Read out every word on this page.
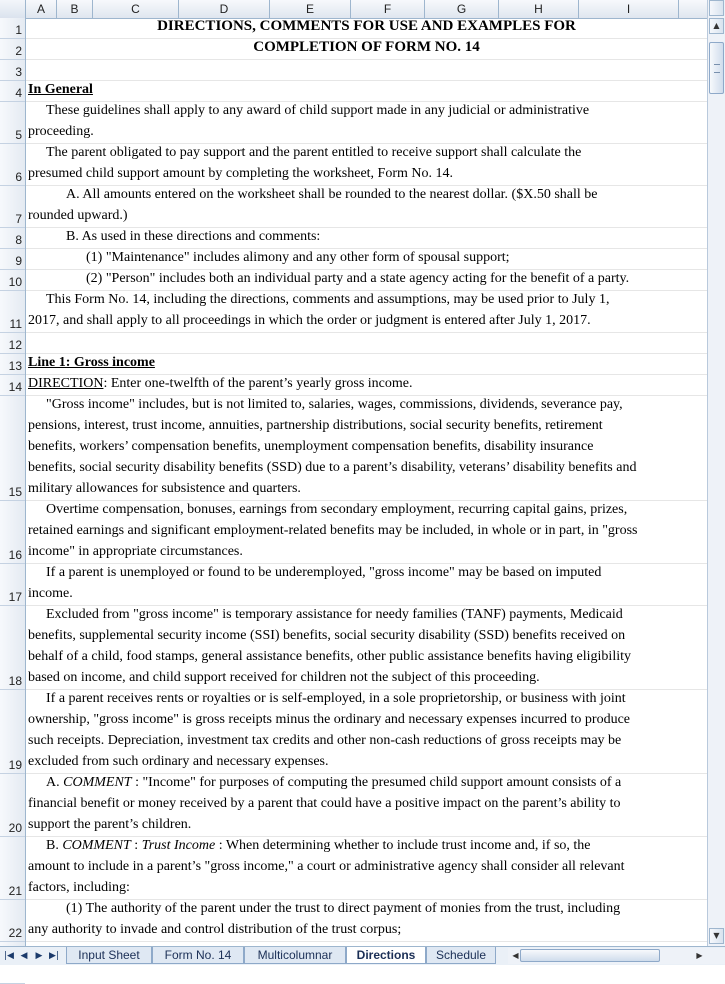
A	B	C	D	E	F	G	H	I
1
2
3
4
5
6
7
8
9
10
11
12
13
14
15
16
17
18
19
20
21
22
DIRECTIONS, COMMENTS FOR USE AND EXAMPLES FOR
COMPLETION OF FORM NO. 14
In General
These guidelines shall apply to any award of child support made in any judicial or administrative
proceeding.
The parent obligated to pay support and the parent entitled to receive support shall calculate the
presumed child support amount by completing the worksheet, Form No. 14.
A. All amounts entered on the worksheet shall be rounded to the nearest dollar. ($X.50 shall be
rounded upward.)
B. As used in these directions and comments:
(1) "Maintenance" includes alimony and any other form of spousal support;
(2) "Person" includes both an individual party and a state agency acting for the benefit of a party.
This Form No. 14, including the directions, comments and assumptions, may be used prior to July 1,
2017, and shall apply to all proceedings in which the order or judgment is entered after July 1, 2017.
Line 1: Gross income
DIRECTION: Enter one-twelfth of the parent’s yearly gross income.
"Gross income" includes, but is not limited to, salaries, wages, commissions, dividends, severance pay,
pensions, interest, trust income, annuities, partnership distributions, social security benefits, retirement
benefits, workers’ compensation benefits, unemployment compensation benefits, disability insurance
benefits, social security disability benefits (SSD) due to a parent’s disability, veterans’ disability benefits and
military allowances for subsistence and quarters.
Overtime compensation, bonuses, earnings from secondary employment, recurring capital gains, prizes,
retained earnings and significant employment-related benefits may be included, in whole or in part, in "gross
income" in appropriate circumstances.
If a parent is unemployed or found to be underemployed, "gross income" may be based on imputed
income.
Excluded from "gross income" is temporary assistance for needy families (TANF) payments, Medicaid
benefits, supplemental security income (SSI) benefits, social security disability (SSD) benefits received on
behalf of a child, food stamps, general assistance benefits, other public assistance benefits having eligibility
based on income, and child support received for children not the subject of this proceeding.
If a parent receives rents or royalties or is self-employed, in a sole proprietorship, or business with joint
ownership, "gross income" is gross receipts minus the ordinary and necessary expenses incurred to produce
such receipts. Depreciation, investment tax credits and other non-cash reductions of gross receipts may be
excluded from such ordinary and necessary expenses.
A. COMMENT : "Income" for purposes of computing the presumed child support amount consists of a
financial benefit or money received by a parent that could have a positive impact on the parent’s ability to
support the parent’s children.
B. COMMENT : Trust Income : When determining whether to include trust income and, if so, the
amount to include in a parent’s "gross income," a court or administrative agency shall consider all relevant
factors, including:
(1) The authority of the parent under the trust to direct payment of monies from the trust, including
any authority to invade and control distribution of the trust corpus;
▲
▼
|◀ ◀ ▶ ▶|	Input Sheet	Form No. 14	Multicolumnar	Directions	Schedule	◀	▶
